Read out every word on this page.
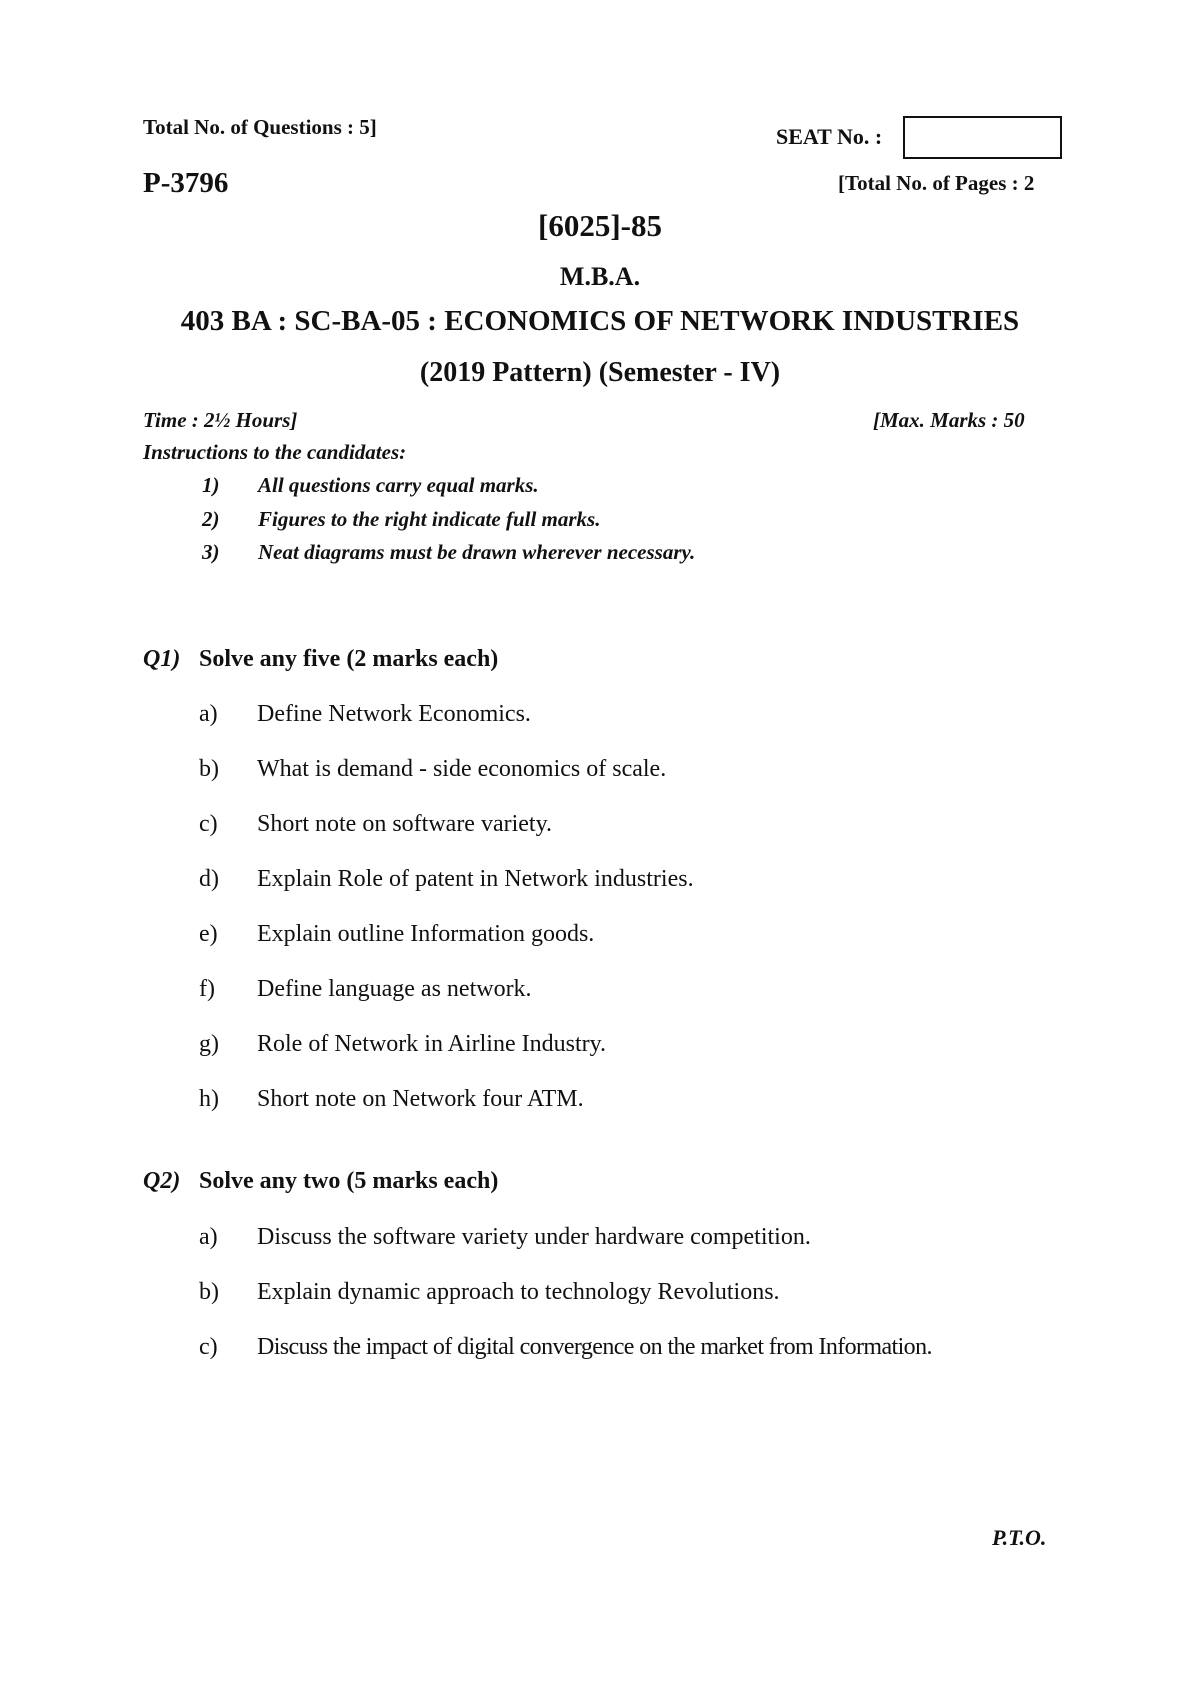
Total No. of Questions : 5]	SEAT No. :
P-3796	[Total No. of Pages : 2
[6025]-85
M.B.A.
403 BA : SC-BA-05 : ECONOMICS OF NETWORK INDUSTRIES
(2019 Pattern) (Semester - IV)
Time : 2½ Hours]	[Max. Marks : 50
Instructions to the candidates:
1) All questions carry equal marks.
2) Figures to the right indicate full marks.
3) Neat diagrams must be drawn wherever necessary.
Q1) Solve any five (2 marks each)
a) Define Network Economics.
b) What is demand - side economics of scale.
c) Short note on software variety.
d) Explain Role of patent in Network industries.
e) Explain outline Information goods.
f) Define language as network.
g) Role of Network in Airline Industry.
h) Short note on Network four ATM.
Q2) Solve any two (5 marks each)
a) Discuss the software variety under hardware competition.
b) Explain dynamic approach to technology Revolutions.
c) Discuss the impact of digital convergence on the market from Information.
P.T.O.
